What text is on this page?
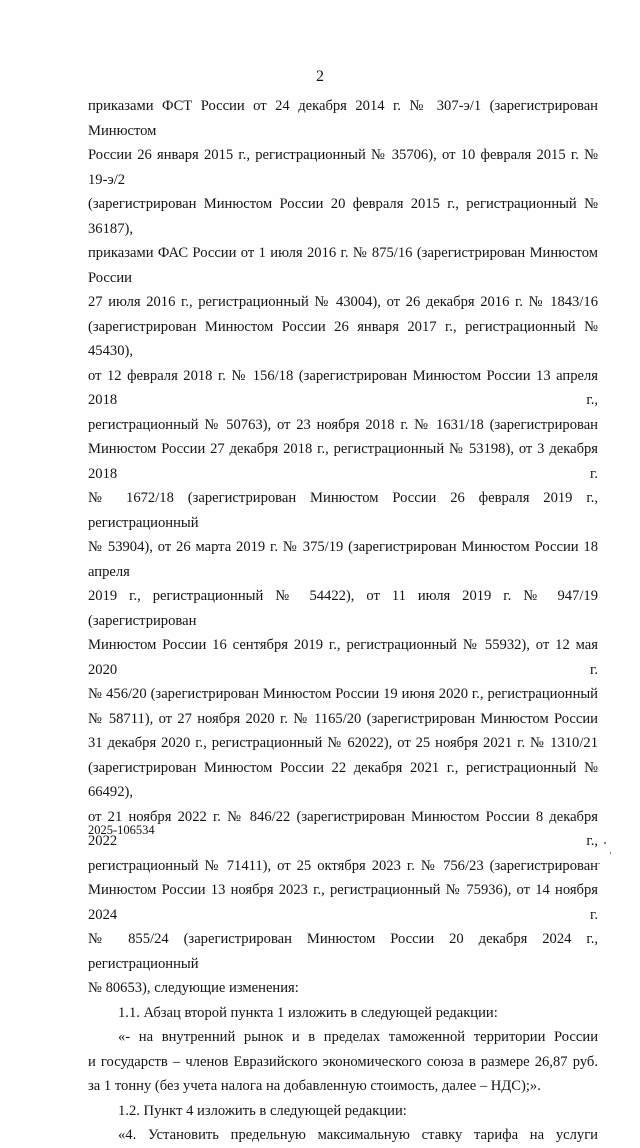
2

приказами ФСТ России от 24 декабря 2014 г. № 307-э/1 (зарегистрирован Минюстом

России 26 января 2015 г., регистрационный № 35706), от 10 февраля 2015 г. № 19-э/2

(зарегистрирован Минюстом России 20 февраля 2015 г., регистрационный № 36187),

приказами ФАС России от 1 июля 2016 г. № 875/16 (зарегистрирован Минюстом России

27 июля 2016 г., регистрационный № 43004), от 26 декабря 2016 г. № 1843/16

(зарегистрирован Минюстом России 26 января 2017 г., регистрационный № 45430),

от 12 февраля 2018 г. № 156/18 (зарегистрирован Минюстом России 13 апреля 2018 г.,

регистрационный № 50763), от 23 ноября 2018 г. № 1631/18 (зарегистрирован

Минюстом России 27 декабря 2018 г., регистрационный № 53198), от 3 декабря 2018 г.

№ 1672/18 (зарегистрирован Минюстом России 26 февраля 2019 г., регистрационный

№ 53904), от 26 марта 2019 г. № 375/19 (зарегистрирован Минюстом России 18 апреля

2019 г., регистрационный № 54422), от 11 июля 2019 г. № 947/19 (зарегистрирован

Минюстом России 16 сентября 2019 г., регистрационный № 55932), от 12 мая 2020 г.

№ 456/20 (зарегистрирован Минюстом России 19 июня 2020 г., регистрационный

№ 58711), от 27 ноября 2020 г. № 1165/20 (зарегистрирован Минюстом России

31 декабря 2020 г., регистрационный № 62022), от 25 ноября 2021 г. № 1310/21

(зарегистрирован Минюстом России 22 декабря 2021 г., регистрационный № 66492),

от 21 ноября 2022 г. № 846/22 (зарегистрирован Минюстом России 8 декабря 2022 г.,

регистрационный № 71411), от 25 октября 2023 г. № 756/23 (зарегистрирован

Минюстом России 13 ноября 2023 г., регистрационный № 75936), от 14 ноября 2024 г.

№ 855/24 (зарегистрирован Минюстом России 20 декабря 2024 г., регистрационный

№ 80653), следующие изменения:

1.1. Абзац второй пункта 1 изложить в следующей редакции:

«- на внутренний рынок и в пределах таможенной территории России

и государств – членов Евразийского экономического союза в размере 26,87 руб.

за 1 тонну (без учета налога на добавленную стоимость, далее – НДС);».

1.2. Пункт 4 изложить в следующей редакции:

«4. Установить предельную максимальную ставку тарифа на услуги

2025-106534
